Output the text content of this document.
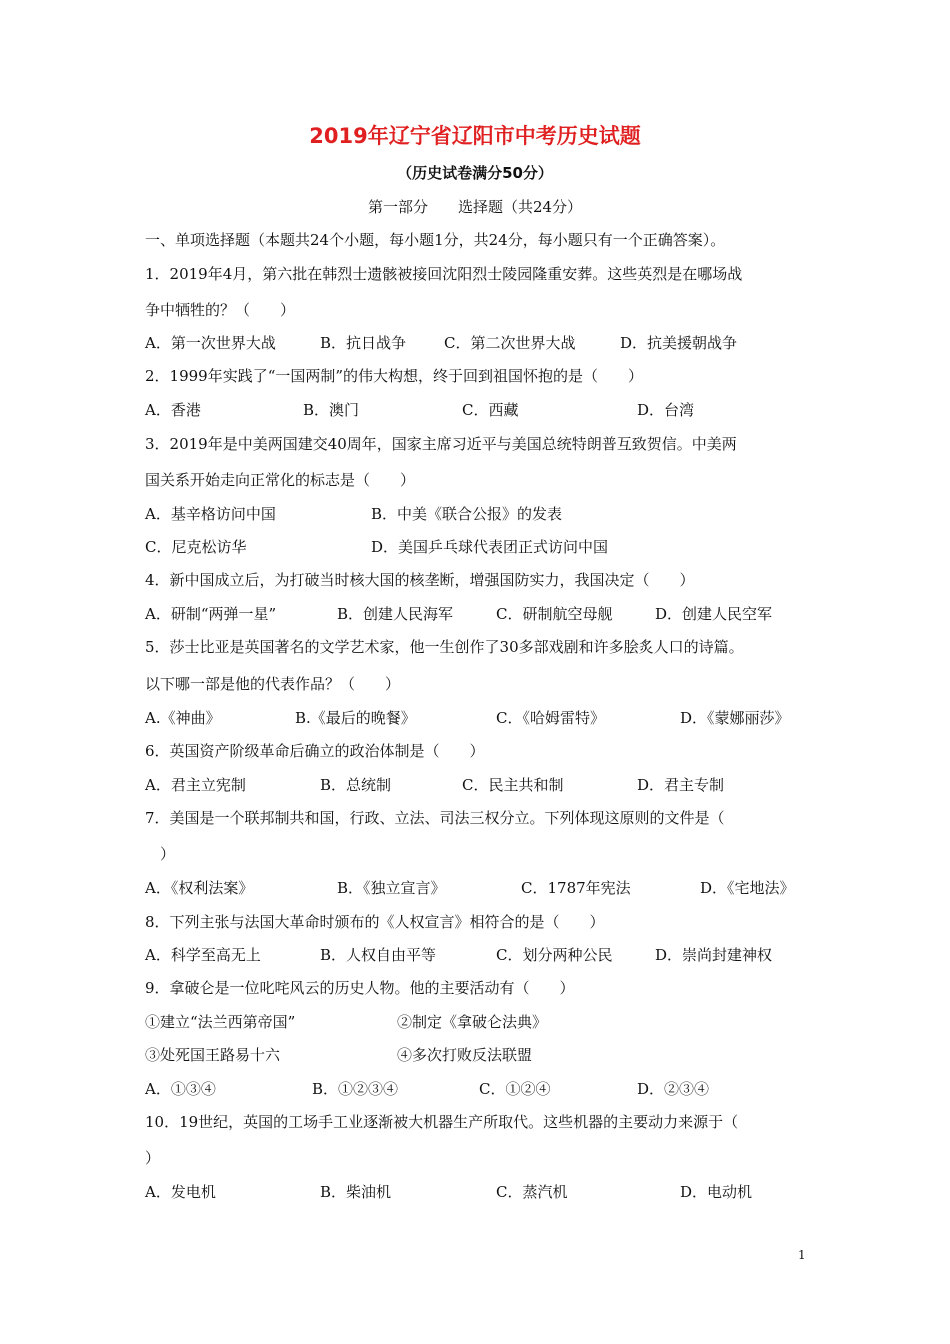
2019年辽宁省辽阳市中考历史试题
（历史试卷满分50分）
第一部分　　选择题（共24分）
一、单项选择题（本题共24个小题，每小题1分，共24分，每小题只有一个正确答案）。
1．2019年4月，第六批在韩烈士遗骸被接回沈阳烈士陵园隆重安葬。这些英烈是在哪场战
争中牺牲的？（　　）
A．第一次世界大战	B．抗日战争	C．第二次世界大战	D．抗美援朝战争
2．1999年实践了“一国两制”的伟大构想，终于回到祖国怀抱的是（　　）
A．香港	B．澳门	C．西藏	D．台湾
3．2019年是中美两国建交40周年，国家主席习近平与美国总统特朗普互致贺信。中美两
国关系开始走向正常化的标志是（　　）
A．基辛格访问中国	B．中美《联合公报》的发表
C．尼克松访华	D．美国乒乓球代表团正式访问中国
4．新中国成立后，为打破当时核大国的核垄断，增强国防实力，我国决定（　　）
A．研制“两弹一星”	B．创建人民海军	C．研制航空母舰	D．创建人民空军
5．莎士比亚是英国著名的文学艺术家，他一生创作了30多部戏剧和许多脍炙人口的诗篇。
以下哪一部是他的代表作品？（　　）
A.《神曲》	B.《最后的晚餐》	C．《哈姆雷特》	D．《蒙娜丽莎》
6．英国资产阶级革命后确立的政治体制是（　　）
A．君主立宪制	B．总统制	C．民主共和制	D．君主专制
7．美国是一个联邦制共和国，行政、立法、司法三权分立。下列体现这原则的文件是（
　）
A．《权利法案》	B．《独立宣言》	C．1787年宪法	D．《宅地法》
8．下列主张与法国大革命时颁布的《人权宣言》相符合的是（　　）
A．科学至高无上	B．人权自由平等	C．划分两种公民	D．崇尚封建神权
9．拿破仑是一位叱咤风云的历史人物。他的主要活动有（　　）
①建立“法兰西第帝国”	②制定《拿破仑法典》
③处死国王路易十六	④多次打败反法联盟
A．①③④	B．①②③④	C．①②④	D．②③④
10．19世纪，英国的工场手工业逐渐被大机器生产所取代。这些机器的主要动力来源于（
）
A．发电机	B．柴油机	C．蒸汽机	D．电动机
1
